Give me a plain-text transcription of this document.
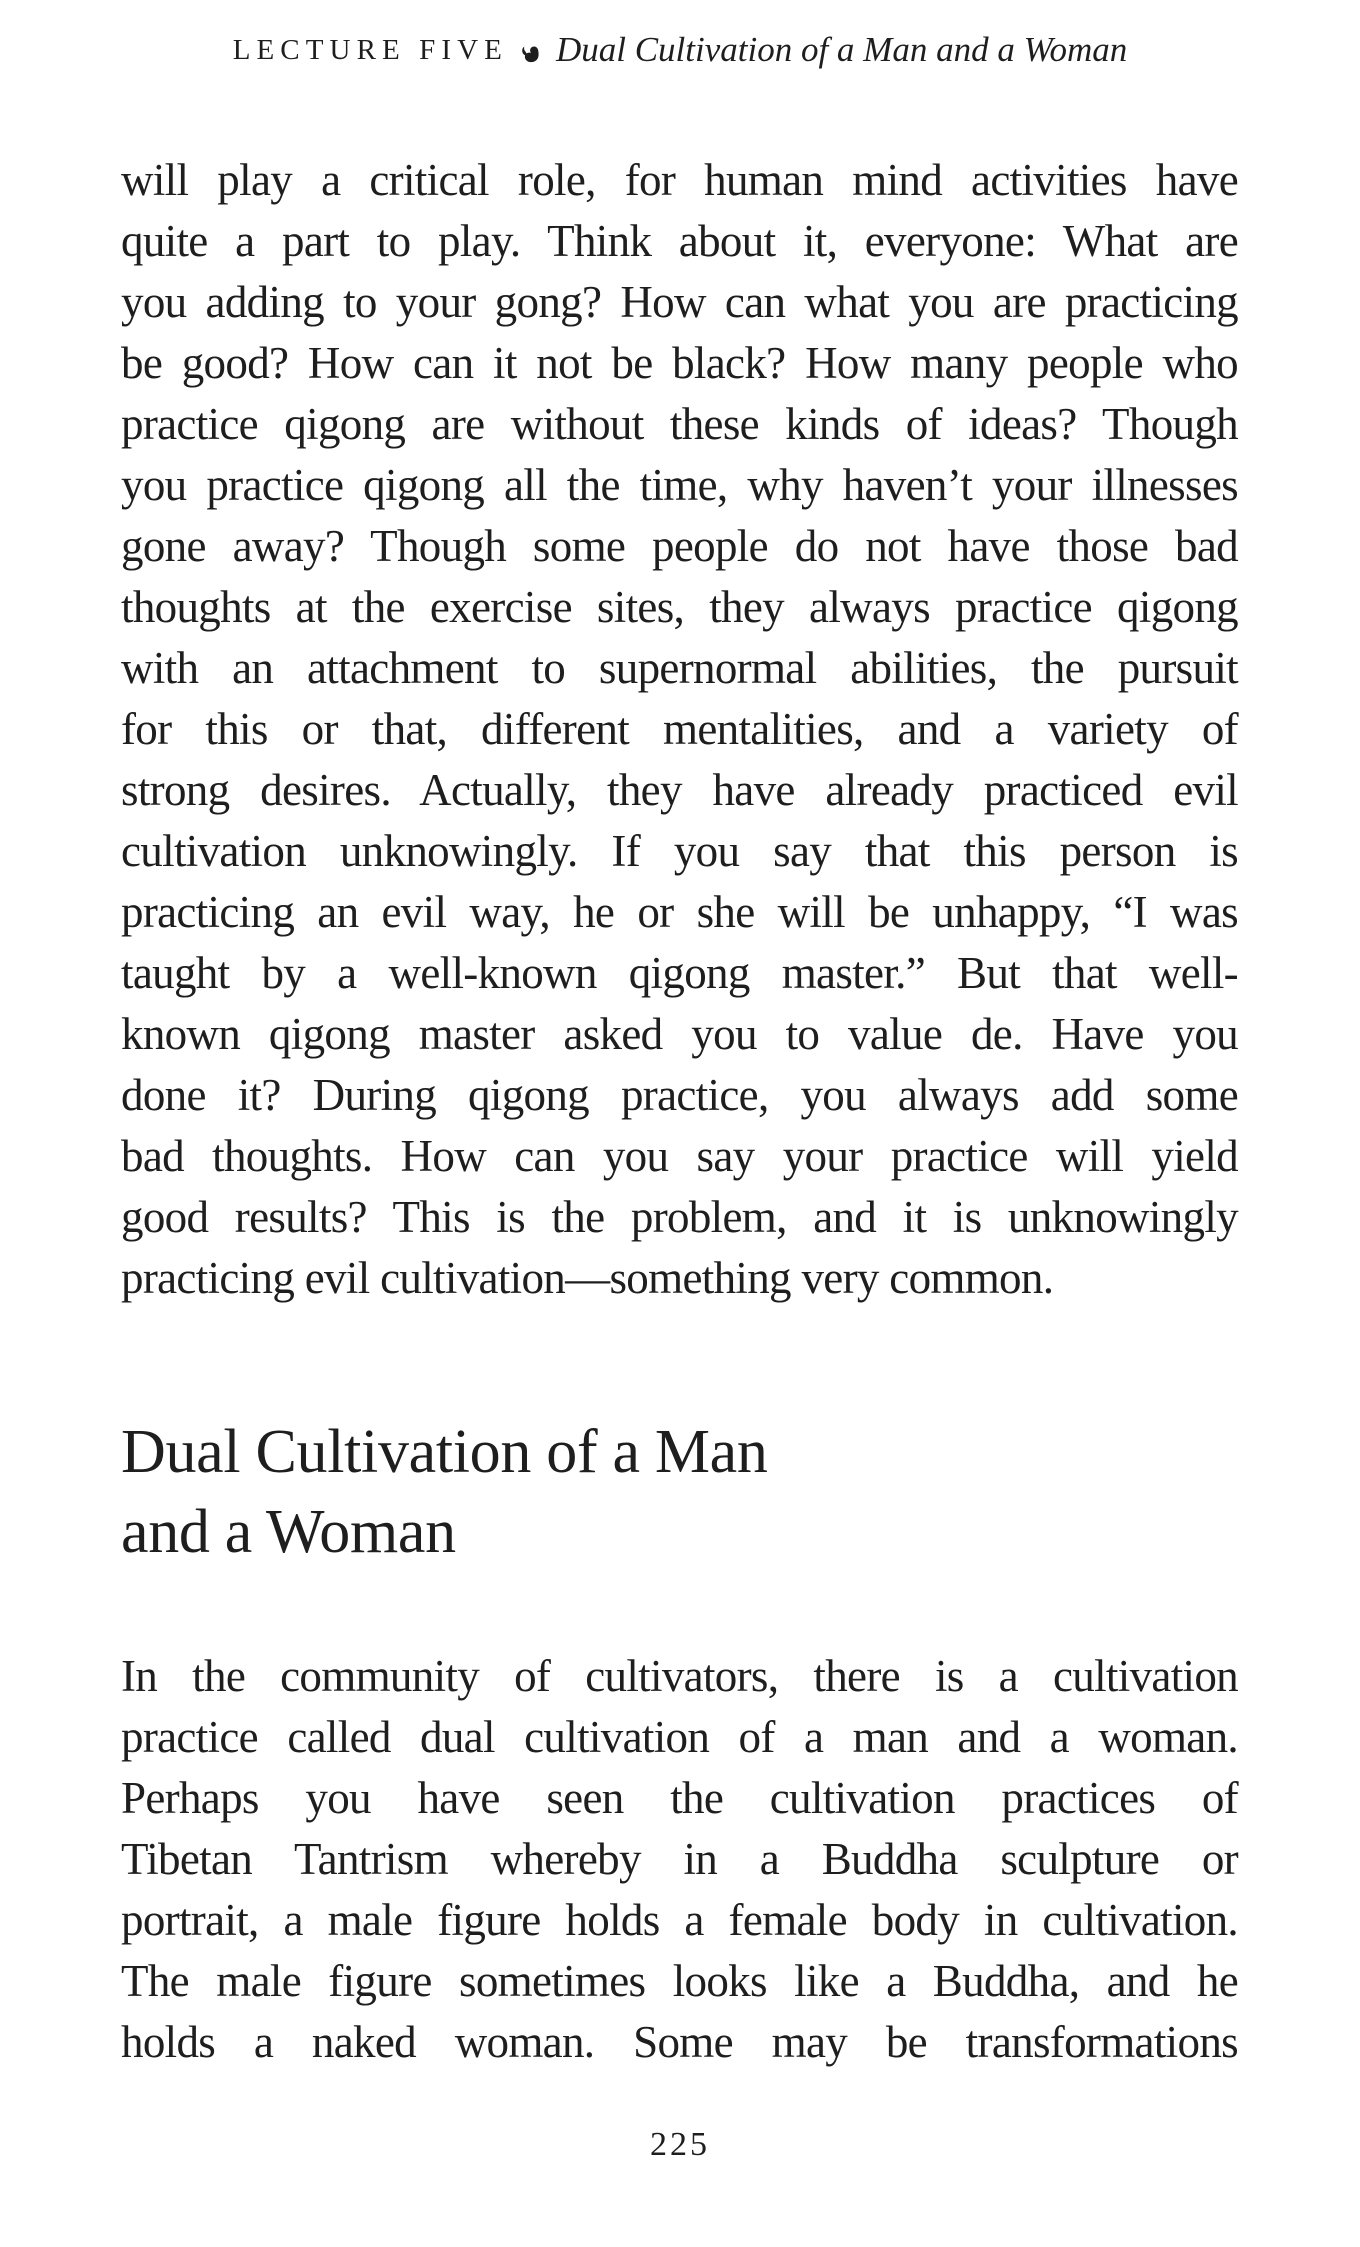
LECTURE FIVE Dual Cultivation of a Man and a Woman
will play a critical role, for human mind activities have
quite a part to play. Think about it, everyone: What are
you adding to your gong? How can what you are practicing
be good? How can it not be black? How many people who
practice qigong are without these kinds of ideas? Though
you practice qigong all the time, why haven’t your illnesses
gone away? Though some people do not have those bad
thoughts at the exercise sites, they always practice qigong
with an attachment to supernormal abilities, the pursuit
for this or that, different mentalities, and a variety of
strong desires. Actually, they have already practiced evil
cultivation unknowingly. If you say that this person is
practicing an evil way, he or she will be unhappy, “I was
taught by a well-known qigong master.” But that well-
known qigong master asked you to value de. Have you
done it? During qigong practice, you always add some
bad thoughts. How can you say your practice will yield
good results? This is the problem, and it is unknowingly
practicing evil cultivation—something very common.
Dual Cultivation of a Man
and a Woman
In the community of cultivators, there is a cultivation
practice called dual cultivation of a man and a woman.
Perhaps you have seen the cultivation practices of
Tibetan Tantrism whereby in a Buddha sculpture or
portrait, a male figure holds a female body in cultivation.
The male figure sometimes looks like a Buddha, and he
holds a naked woman. Some may be transformations
225
